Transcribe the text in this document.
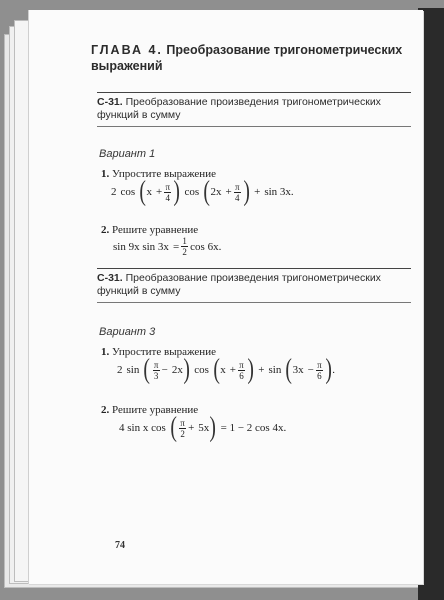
ГЛАВА 4. Преобразование тригонометрических выражений
С-31. Преобразование произведения тригонометрических функций в сумму
Вариант 1
1. Упростите выражение
2 cos ( $x + \frac{\pi}{4}$ ) cos ( $2x + \frac{\pi}{4}$ ) + sin 3x.
2. Решите уравнение
sin 9x $\sin 3x = \frac{1}{2}$ cos 6x.
С-31. Преобразование произведения тригонометрических функций в сумму
Вариант 3
1. Упростите выражение
2 sin ( $\frac{\pi}{3} - 2x$ ) cos ( $x + \frac{\pi}{6}$ ) + sin ( $3x - \frac{\pi}{6}$ ) .
2. Решите уравнение
4 sin x cos ( $\frac{\pi}{2} + 5x$ ) = 1 − 2 cos 4x.
74
